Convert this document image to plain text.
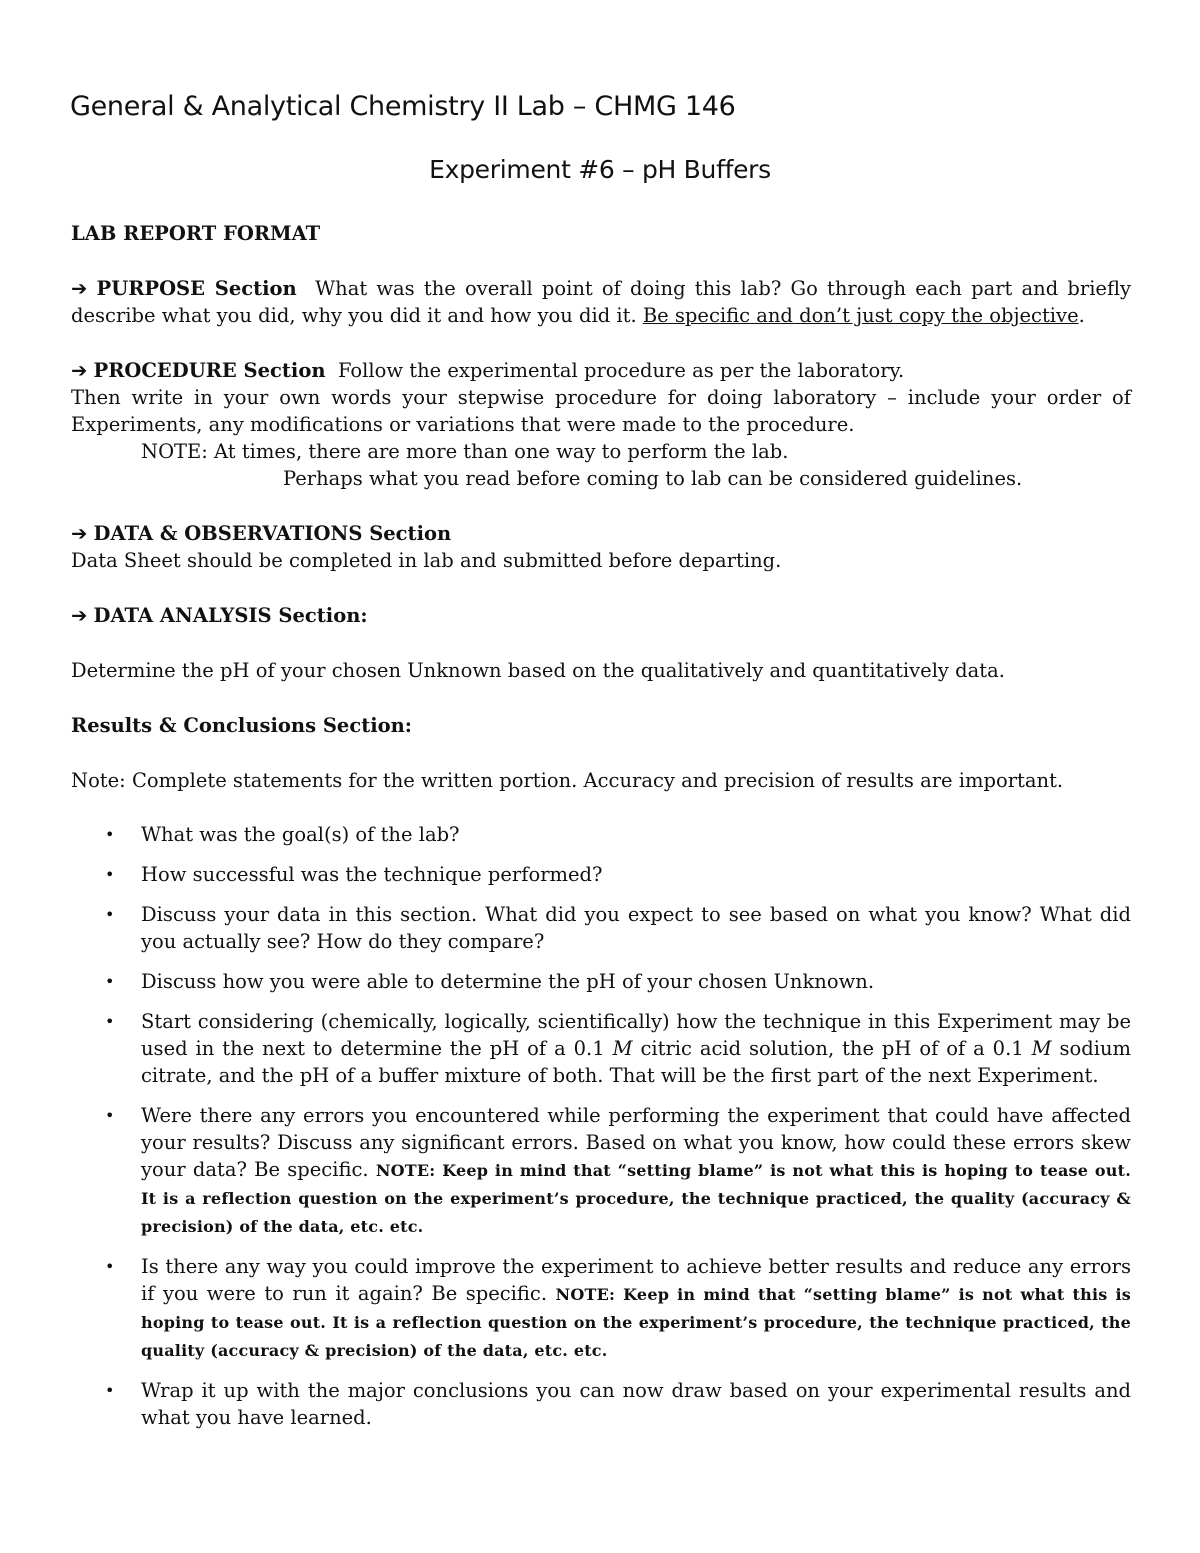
General & Analytical Chemistry II Lab – CHMG 146
Experiment #6 – pH Buffers

LAB REPORT FORMAT

➔ PURPOSE Section What was the overall point of doing this lab? Go through each part and briefly describe what you did, why you did it and how you did it. Be specific and don’t just copy the objective.

➔ PROCEDURE Section Follow the experimental procedure as per the laboratory.

Then write in your own words your stepwise procedure for doing laboratory – include your order of Experiments, any modifications or variations that were made to the procedure.

NOTE: At times, there are more than one way to perform the lab.

Perhaps what you read before coming to lab can be considered guidelines.

➔ DATA & OBSERVATIONS Section

Data Sheet should be completed in lab and submitted before departing.

➔ DATA ANALYSIS Section:

Determine the pH of your chosen Unknown based on the qualitatively and quantitatively data.

Results & Conclusions Section:

Note: Complete statements for the written portion. Accuracy and precision of results are important.

• What was the goal(s) of the lab?
• How successful was the technique performed?
• Discuss your data in this section. What did you expect to see based on what you know? What did you actually see? How do they compare?
• Discuss how you were able to determine the pH of your chosen Unknown.
• Start considering (chemically, logically, scientifically) how the technique in this Experiment may be used in the next to determine the pH of a 0.1 M citric acid solution, the pH of of a 0.1 M sodium citrate, and the pH of a buffer mixture of both. That will be the first part of the next Experiment.
• Were there any errors you encountered while performing the experiment that could have affected your results? Discuss any significant errors. Based on what you know, how could these errors skew your data? Be specific. NOTE: Keep in mind that “setting blame” is not what this is hoping to tease out. It is a reflection question on the experiment’s procedure, the technique practiced, the quality (accuracy & precision) of the data, etc. etc.
• Is there any way you could improve the experiment to achieve better results and reduce any errors if you were to run it again? Be specific. NOTE: Keep in mind that “setting blame” is not what this is hoping to tease out. It is a reflection question on the experiment’s procedure, the technique practiced, the quality (accuracy & precision) of the data, etc. etc.
• Wrap it up with the major conclusions you can now draw based on your experimental results and what you have learned.
